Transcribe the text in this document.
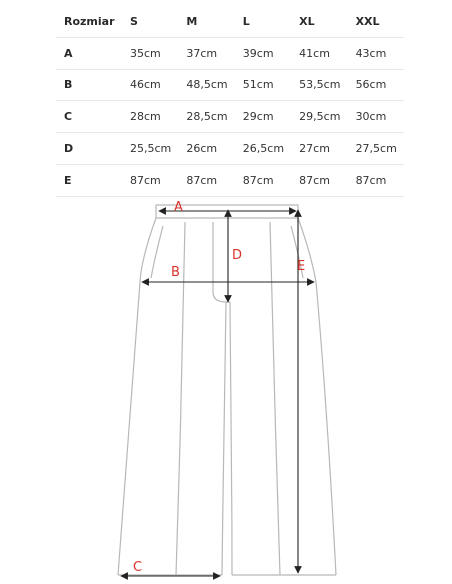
Rozmiar	S	M	L	XL	XXL
A	35cm	37cm	39cm	41cm	43cm
B	46cm	48,5cm	51cm	53,5cm	56cm
C	28cm	28,5cm	29cm	29,5cm	30cm
D	25,5cm	26cm	26,5cm	27cm	27,5cm
E	87cm	87cm	87cm	87cm	87cm
A
B
C
D
E
